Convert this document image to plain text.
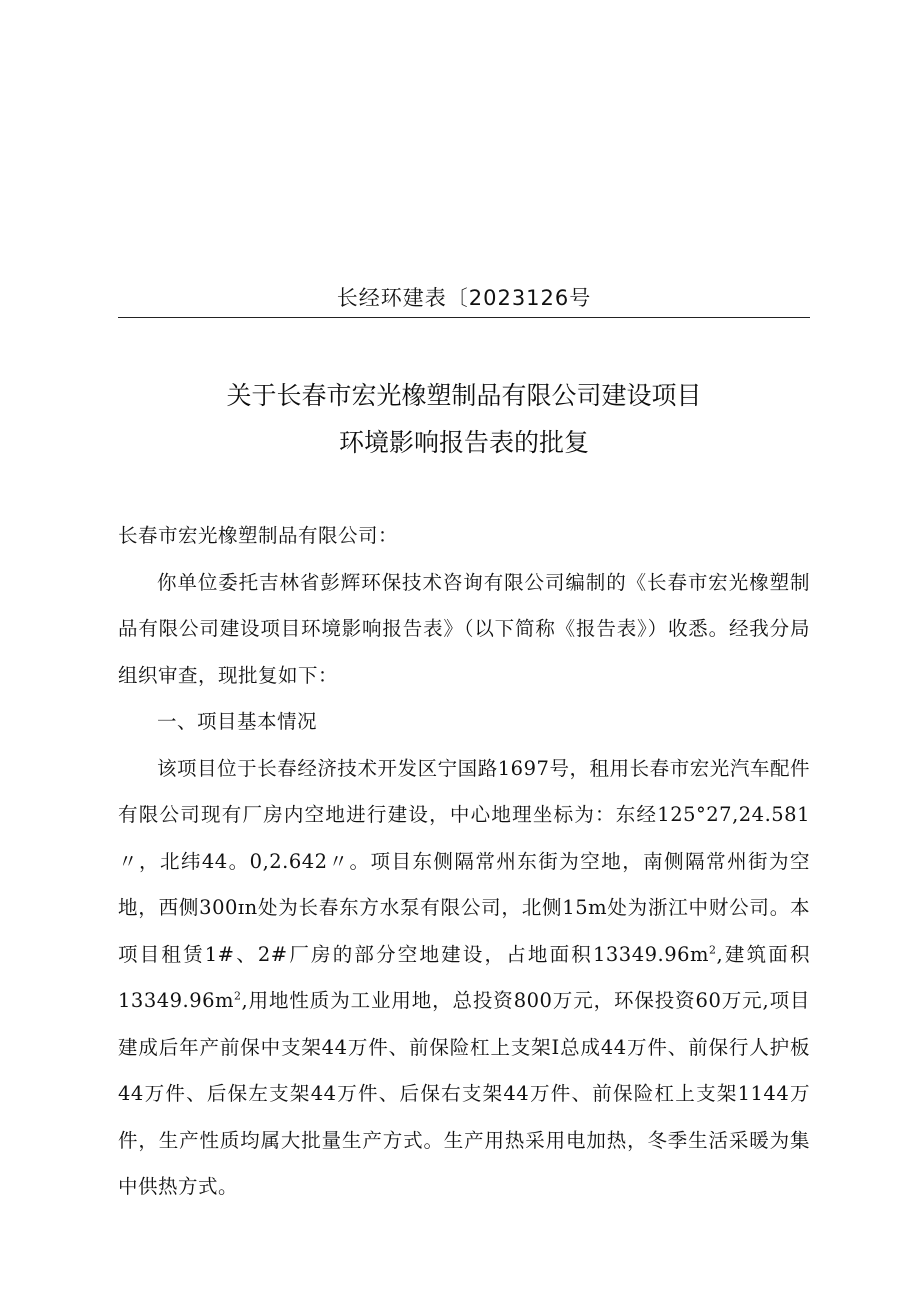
长经环建表〔2023126号
关于长春市宏光橡塑制品有限公司建设项目
环境影响报告表的批复

长春市宏光橡塑制品有限公司：

你单位委托吉林省彭辉环保技术咨询有限公司编制的《长春市宏光橡塑制品有限公司建设项目环境影响报告表》（以下简称《报告表》）收悉。经我分局组织审查，现批复如下：

一、项目基本情况

该项目位于长春经济技术开发区宁国路1697号，租用长春市宏光汽车配件有限公司现有厂房内空地进行建设，中心地理坐标为：东经125°27,24.581〃，北纬44。0,2.642〃。项目东侧隔常州东街为空地，南侧隔常州街为空地，西侧300ɪn处为长春东方水泵有限公司，北侧15m处为浙江中财公司。本项目租赁1#、2#厂房的部分空地建设，占地面积$13349.96m^2$,建筑面积$13349.96m^2$,用地性质为工业用地，总投资800万元，环保投资60万元,项目建成后年产前保中支架44万件、前保险杠上支架Ⅰ总成44万件、前保行人护板44万件、后保左支架44万件、后保右支架44万件、前保险杠上支架1144万件，生产性质均属大批量生产方式。生产用热采用电加热，冬季生活采暖为集中供热方式。
